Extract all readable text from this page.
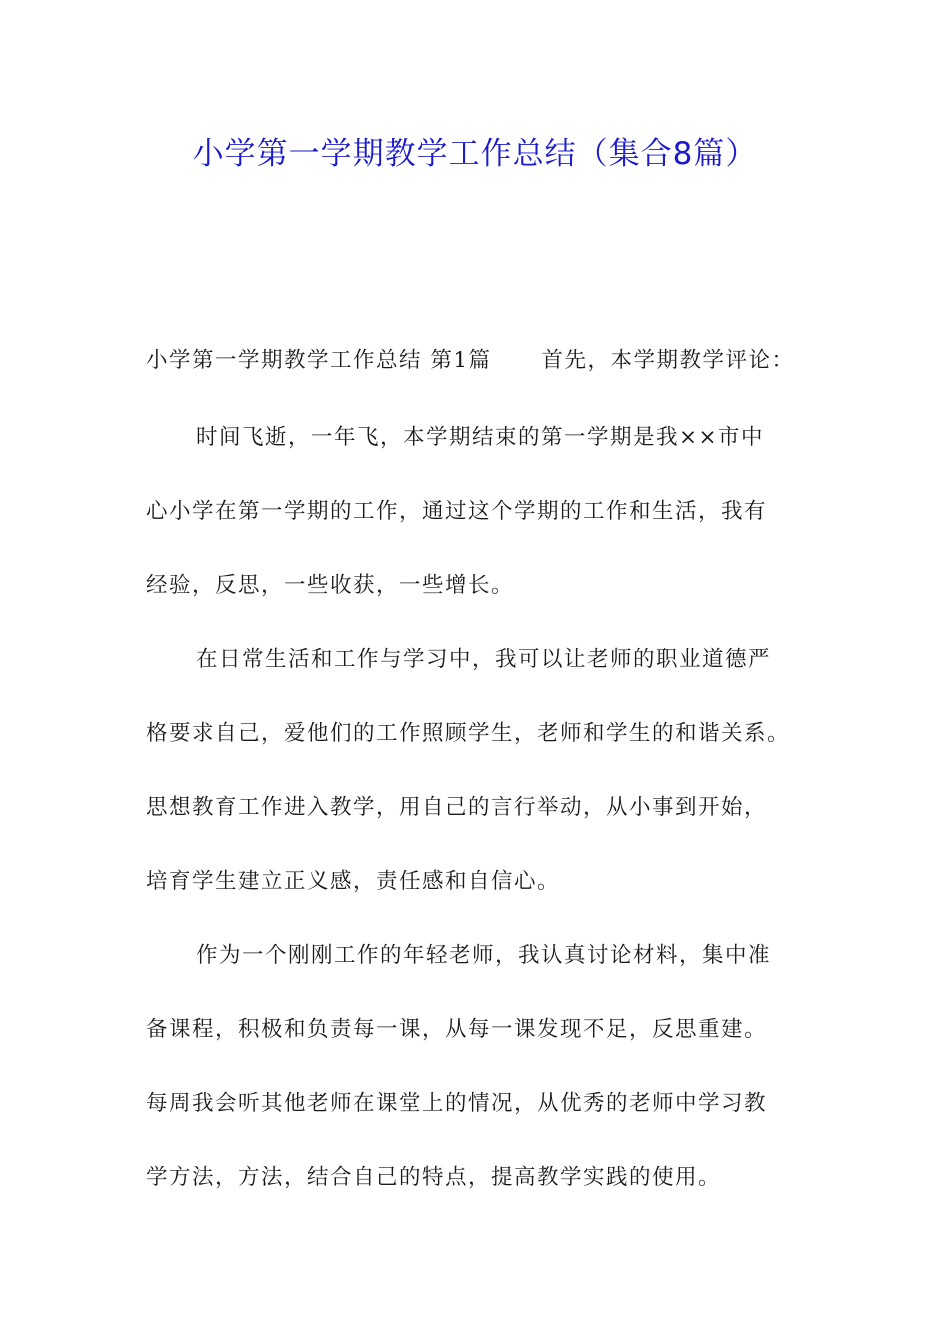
小学第一学期教学工作总结（集合8篇）
小学第一学期教学工作总结 第1篇 首先，本学期教学评论：
时间飞逝，一年飞，本学期结束的第一学期是我××市中
心小学在第一学期的工作，通过这个学期的工作和生活，我有
经验，反思，一些收获，一些增长。
在日常生活和工作与学习中，我可以让老师的职业道德严
格要求自己，爱他们的工作照顾学生，老师和学生的和谐关系。
思想教育工作进入教学，用自己的言行举动，从小事到开始，
培育学生建立正义感，责任感和自信心。
作为一个刚刚工作的年轻老师，我认真讨论材料，集中准
备课程，积极和负责每一课，从每一课发现不足，反思重建。
每周我会听其他老师在课堂上的情况，从优秀的老师中学习教
学方法，方法，结合自己的特点，提高教学实践的使用。
